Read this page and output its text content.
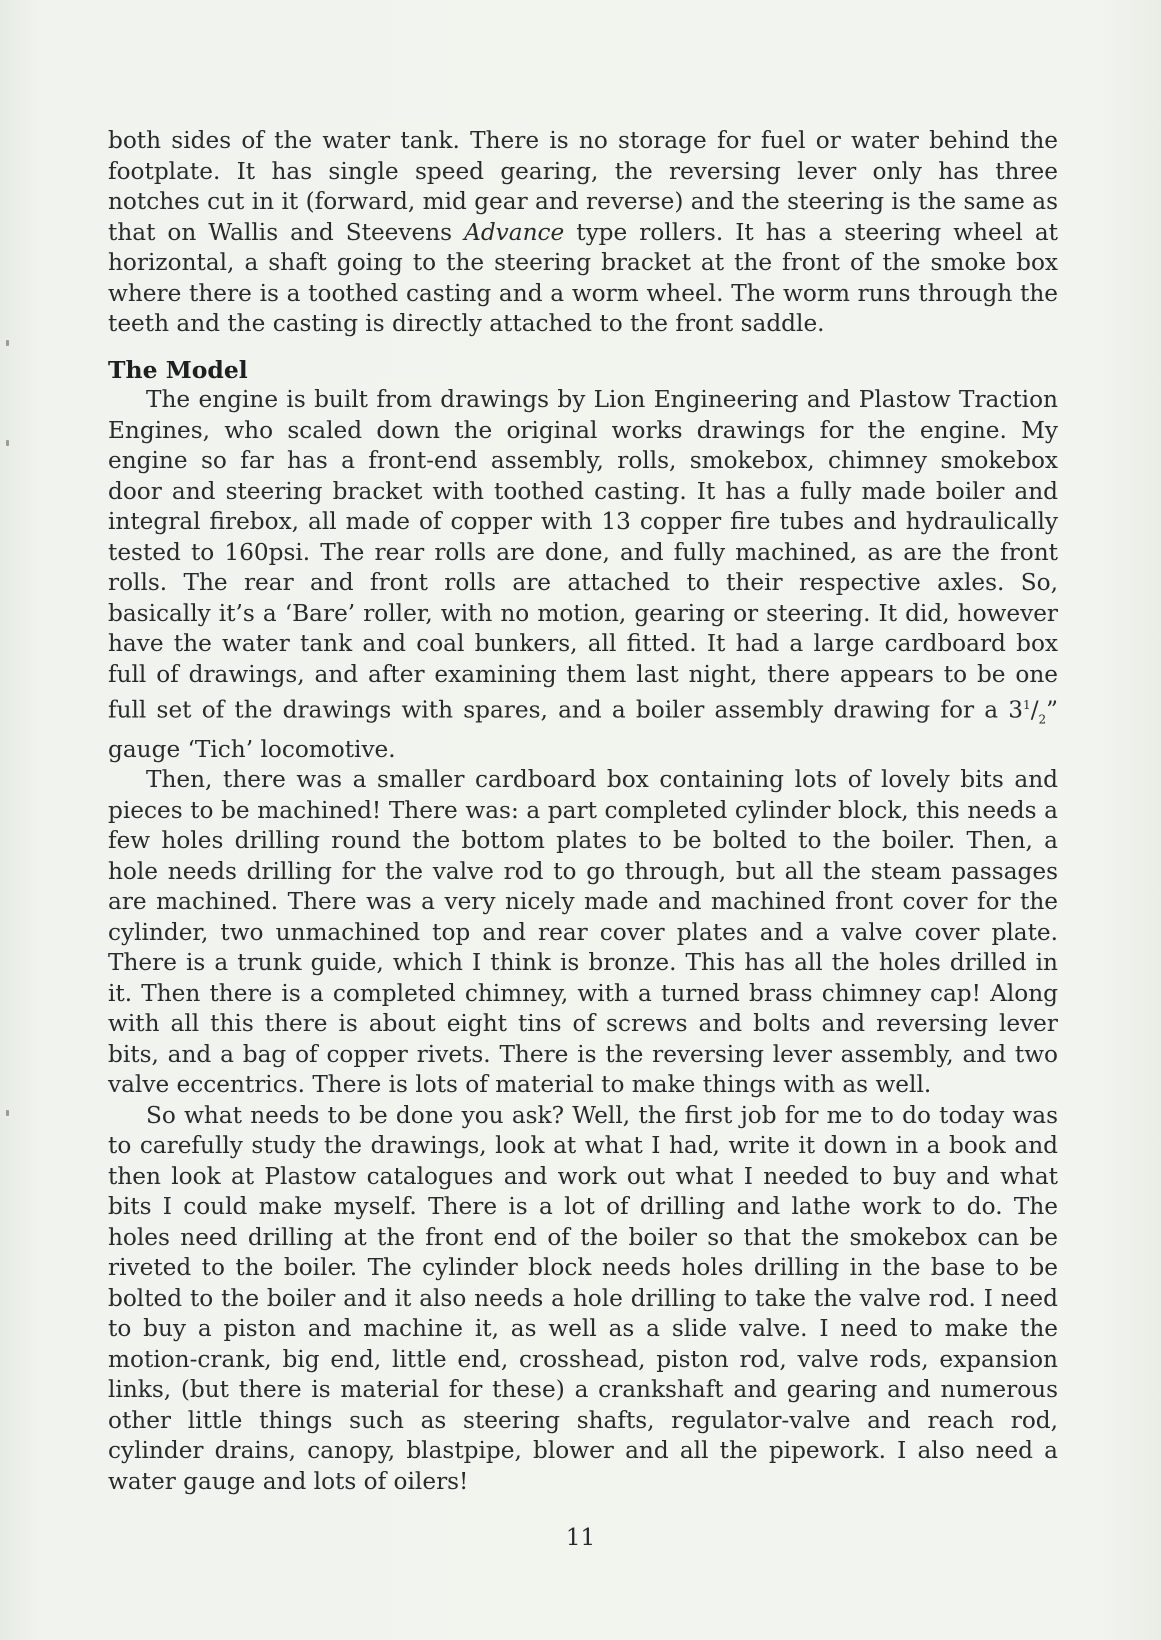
both sides of the water tank. There is no storage for fuel or water behind the footplate. It has single speed gearing, the reversing lever only has three notches cut in it (forward, mid gear and reverse) and the steering is the same as that on Wallis and Steevens Advance type rollers. It has a steering wheel at horizontal, a shaft going to the steering bracket at the front of the smoke box where there is a toothed casting and a worm wheel. The worm runs through the teeth and the casting is directly attached to the front saddle.

The Model

The engine is built from drawings by Lion Engineering and Plastow Traction Engines, who scaled down the original works drawings for the engine. My engine so far has a front-end assembly, rolls, smokebox, chimney smokebox door and steering bracket with toothed casting. It has a fully made boiler and integral firebox, all made of copper with 13 copper fire tubes and hydraulically tested to 160psi. The rear rolls are done, and fully machined, as are the front rolls. The rear and front rolls are attached to their respective axles. So, basically it’s a ‘Bare’ roller, with no motion, gearing or steering. It did, however have the water tank and coal bunkers, all fitted. It had a large cardboard box full of drawings, and after examining them last night, there appears to be one full set of the drawings with spares, and a boiler assembly drawing for a $3^1/_2$” gauge ‘Tich’ locomotive.

Then, there was a smaller cardboard box containing lots of lovely bits and pieces to be machined! There was: a part completed cylinder block, this needs a few holes drilling round the bottom plates to be bolted to the boiler. Then, a hole needs drilling for the valve rod to go through, but all the steam passages are machined. There was a very nicely made and machined front cover for the cylinder, two unmachined top and rear cover plates and a valve cover plate. There is a trunk guide, which I think is bronze. This has all the holes drilled in it. Then there is a completed chimney, with a turned brass chimney cap! Along with all this there is about eight tins of screws and bolts and reversing lever bits, and a bag of copper rivets. There is the reversing lever assembly, and two valve eccentrics. There is lots of material to make things with as well.

So what needs to be done you ask? Well, the first job for me to do today was to carefully study the drawings, look at what I had, write it down in a book and then look at Plastow catalogues and work out what I needed to buy and what bits I could make myself. There is a lot of drilling and lathe work to do. The holes need drilling at the front end of the boiler so that the smokebox can be riveted to the boiler. The cylinder block needs holes drilling in the base to be bolted to the boiler and it also needs a hole drilling to take the valve rod. I need to buy a piston and machine it, as well as a slide valve. I need to make the motion-crank, big end, little end, crosshead, piston rod, valve rods, expansion links, (but there is material for these) a crankshaft and gearing and numerous other little things such as steering shafts, regulator-valve and reach rod, cylinder drains, canopy, blastpipe, blower and all the pipework. I also need a water gauge and lots of oilers!

11
